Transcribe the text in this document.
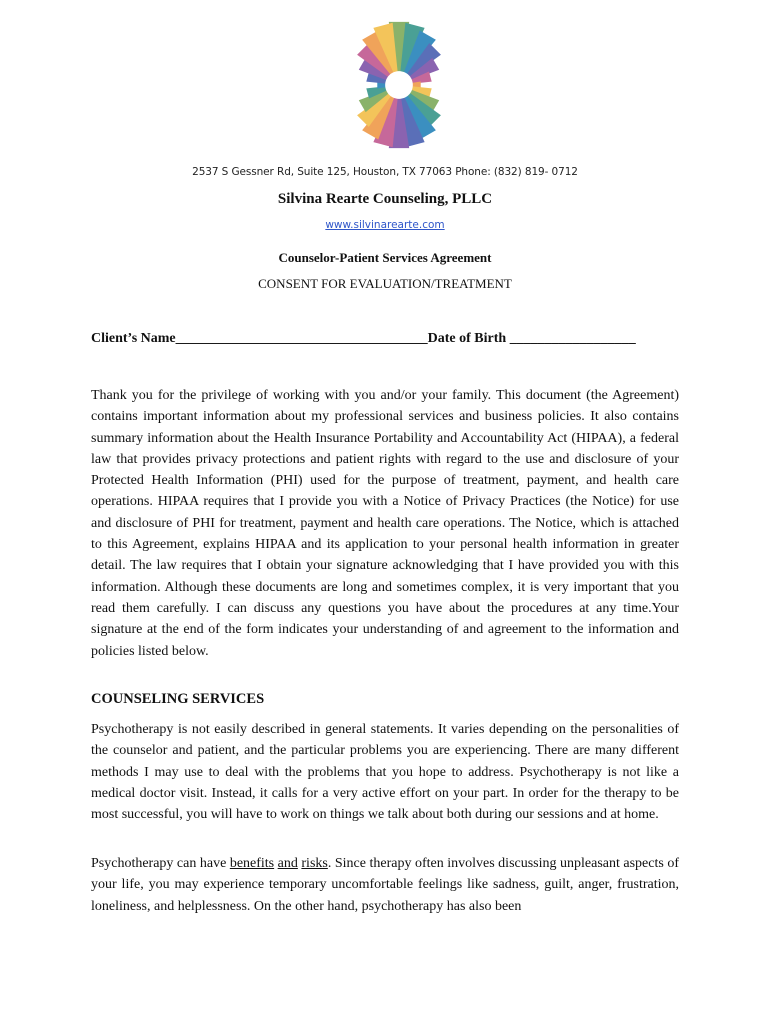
2537 S Gessner Rd, Suite 125, Houston, TX 77063 Phone: (832) 819- 0712
Silvina Rearte Counseling, PLLC
www.silvinarearte.com
Counselor-Patient Services Agreement
CONSENT FOR EVALUATION/TREATMENT
Client’s Name____________________________________Date of Birth __________________

Thank you for the privilege of working with you and/or your family. This document (the Agreement) contains important information about my professional services and business policies. It also contains summary information about the Health Insurance Portability and Accountability Act (HIPAA), a federal law that provides privacy protections and patient rights with regard to the use and disclosure of your Protected Health Information (PHI) used for the purpose of treatment, payment, and health care operations. HIPAA requires that I provide you with a Notice of Privacy Practices (the Notice) for use and disclosure of PHI for treatment, payment and health care operations. The Notice, which is attached to this Agreement, explains HIPAA and its application to your personal health information in greater detail. The law requires that I obtain your signature acknowledging that I have provided you with this information. Although these documents are long and sometimes complex, it is very important that you read them carefully. I can discuss any questions you have about the procedures at any time.Your signature at the end of the form indicates your understanding of and agreement to the information and policies listed below.

COUNSELING SERVICES

Psychotherapy is not easily described in general statements. It varies depending on the personalities of the counselor and patient, and the particular problems you are experiencing. There are many different methods I may use to deal with the problems that you hope to address. Psychotherapy is not like a medical doctor visit. Instead, it calls for a very active effort on your part. In order for the therapy to be most successful, you will have to work on things we talk about both during our sessions and at home.

Psychotherapy can have benefits and risks. Since therapy often involves discussing unpleasant aspects of your life, you may experience temporary uncomfortable feelings like sadness, guilt, anger, frustration, loneliness, and helplessness. On the other hand, psychotherapy has also been
